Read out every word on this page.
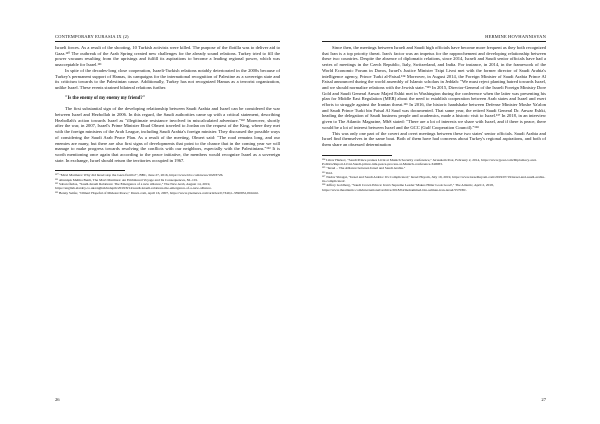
CONTEMPORARY EURASIA IX (2)

Israeli forces. As a result of the shooting, 10 Turkish activists were killed. The purpose of the flotilla was to deliver aid to Gaza.¹³⁰ The outbreak of the Arab Spring created new challenges for the already sound relations. Turkey tried to fill the power vacuum resulting from the uprisings and fulfill its aspirations to become a leading regional power, which was unacceptable for Israel.¹³¹

In spite of the decades-long close cooperation, Israeli-Turkish relations notably deteriorated in the 2000s because of Turkey's permanent support of Hamas, its campaigns for the international recognition of Palestine as a sovereign state and its criticism towards to the Palestinian cause. Additionally, Turkey has not recognized Hamas as a terrorist organization, unlike Israel. These events strained bilateral relations further.

"Is the enemy of my enemy my friend?"

The first substantial sign of the developing relationship between Saudi Arabia and Israel can be considered the war between Israel and Hezbollah in 2006. In this regard, the Saudi authorities came up with a critical statement, describing Hezbollah's action towards Israel as "illegitimate resistance involved in miscalculated adventure."¹³² Moreover, shortly after the war, in 2007, Israel's Prime Minister Ehud Olmert traveled to Jordan on the request of the King, where they met with the foreign ministers of the Arab League, including Saudi Arabia's foreign minister. They discussed the possible ways of considering the Saudi Arab Peace Plan. As a result of the meeting, Olmert said: "The road remains long, and our enemies are many, but there are also first signs of developments that point to the chance that in the coming year we will manage to make progress towards resolving the conflicts with our neighbors, especially with the Palestinians."¹³³ It is worth mentioning once again that according to the peace initiative, the members would recognize Israel as a sovereign state. In exchange, Israel should return the territories occupied in 1967.

¹³⁰ "Mavi Marmara: Why did Israel stop the Gaza flotilla?", BBC, June 27, 2016, https://www.bbc.com/news/10203726.
¹³¹ Altunişık Meliha Benli, The Mavi Marmara: An Embittered Voyage and Its Consequences, 82–101.
¹³² Saban Özdas, "Saudi-Israeli Relations: The Emergence of a new alliance," The New Arab, August 14, 2019, https://english.alaraby.co.uk/english/indepth/2019/8/14/saudi-israeli-relations-the-emergence-of-a-new-alliance.
¹³³ Benny Seifer, "Olmert Hopeful of Mideast Peace," Dawn.com, April 16, 2007, https://www.ynetnews.com/articles/0,7340,L-3390952,00.html.
26
HERMINE HOVHANNISYAN

Since then, the meetings between Israeli and Saudi high officials have become more frequent as they both recognized that Iran is a top priority threat. Iran's factor was an impetus for the rapprochement and developing relationship between these two countries. Despite the absence of diplomatic relations, since 2014, Israeli and Saudi senior officials have had a series of meetings in the Czech Republic, Italy, Switzerland, and India. For instance, in 2014, in the framework of the World Economic Forum in Davos, Israel's Justice Minister Tzipi Livni met with the former director of Saudi Arabia's intelligence agency, Prince Turki al-Faisal.¹³⁴ Moreover, in August 2014, the Foreign Minister of Saudi Arabia Prince Al Faisal announced during the world assembly of Islamic scholars in Jeddah: "We must reject planting hatred towards Israel, and we should normalize relations with the Jewish state."¹³⁵ In 2015, Director-General of the Israeli Foreign Ministry Dore Gold and Saudi General Anwar Majed Eshki met in Washington during the conference when the latter was presenting his plan for Middle East Regulation (MER) about the need to establish cooperation between Arab states and Israel and exert efforts to struggle against the Iranian threat.¹³⁶ In 2016, the historic handshake between Defense Minister Moshe Ya'alon and Saudi Prince Turki bin Faisal Al Saud was documented. That same year, the retired Saudi General Dr. Anwar Eshki, heading the delegation of Saudi business people and academics, made a historic visit to Israel.¹³⁷ In 2018, in an interview given to The Atlantic Magazine, MbS stated: "There are a lot of interests we share with Israel, and if there is peace, there would be a lot of interest between Israel and the GCC (Gulf Cooperation Council)."¹³⁸

This was only one part of the covert and overt meetings between these two states' senior officials. Saudi Arabia and Israel find themselves in the same boat. Both of them have had concerns about Turkey's regional aspirations, and both of them share an obsessed determination

¹³⁴ Lihav Harkov, "Saudi Prince praises Livni at Munich Security conference," Jerusalem Post, February 2, 2014, https://www.jpost.com/Diplomacy-and-Politics/Report-Livni-Saudi-prince-talk-peace-process-at-Munich-conference-340083.
¹³⁵ "Israel – The Alliance between Israel and Saudi Arabia."
¹³⁶ Ibid.
¹³⁷ Nadav Shragai, "Israel and Saudi Arabia: It's Complicated," Israel Hayom, July 19, 2019, https://www.israelhayom.com/2019/07/19/israel-and-saudi-arabia-its-complicated/.
¹³⁸ Jeffrey Goldberg, "Saudi Crown Prince: Iran's Supreme Leader 'Makes Hitler Look Good'," The Atlantic, April 2, 2018, https://www.theatlantic.com/international/archive/2018/04/mohammed-bin-salman-iran-israel/557036/.
27
